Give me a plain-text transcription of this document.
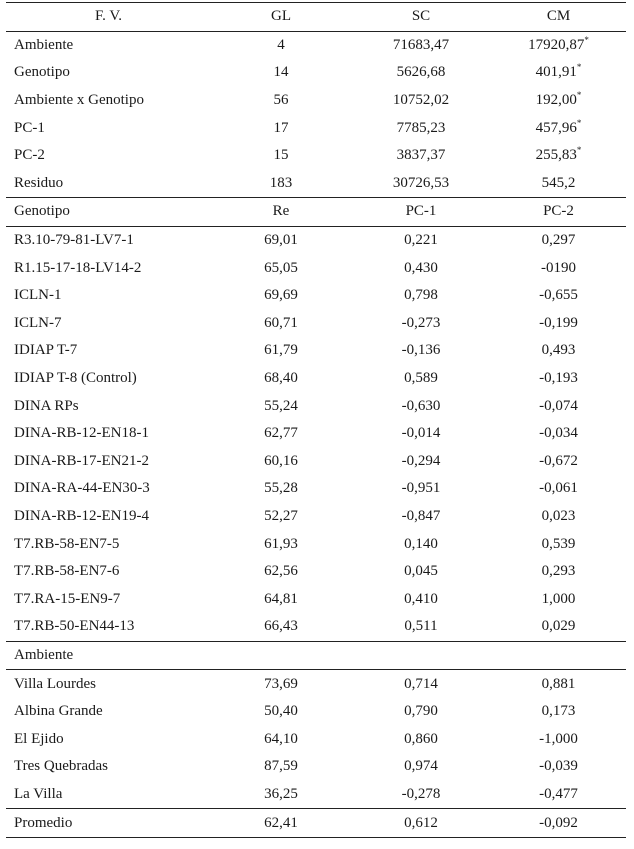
F. V.	GL	SC	CM
Ambiente	4	71683,47	17920,87*
Genotipo	14	5626,68	401,91*
Ambiente x Genotipo	56	10752,02	192,00*
PC-1	17	7785,23	457,96*
PC-2	15	3837,37	255,83*
Residuo	183	30726,53	545,2
Genotipo	Re	PC-1	PC-2
R3.10-79-81-LV7-1	69,01	0,221	0,297
R1.15-17-18-LV14-2	65,05	0,430	-0190
ICLN-1	69,69	0,798	-0,655
ICLN-7	60,71	-0,273	-0,199
IDIAP T-7	61,79	-0,136	0,493
IDIAP T-8 (Control)	68,40	0,589	-0,193
DINA RPs	55,24	-0,630	-0,074
DINA-RB-12-EN18-1	62,77	-0,014	-0,034
DINA-RB-17-EN21-2	60,16	-0,294	-0,672
DINA-RA-44-EN30-3	55,28	-0,951	-0,061
DINA-RB-12-EN19-4	52,27	-0,847	0,023
T7.RB-58-EN7-5	61,93	0,140	0,539
T7.RB-58-EN7-6	62,56	0,045	0,293
T7.RA-15-EN9-7	64,81	0,410	1,000
T7.RB-50-EN44-13	66,43	0,511	0,029
Ambiente			
Villa Lourdes	73,69	0,714	0,881
Albina Grande	50,40	0,790	0,173
El Ejido	64,10	0,860	-1,000
Tres Quebradas	87,59	0,974	-0,039
La Villa	36,25	-0,278	-0,477
Promedio	62,41	0,612	-0,092
